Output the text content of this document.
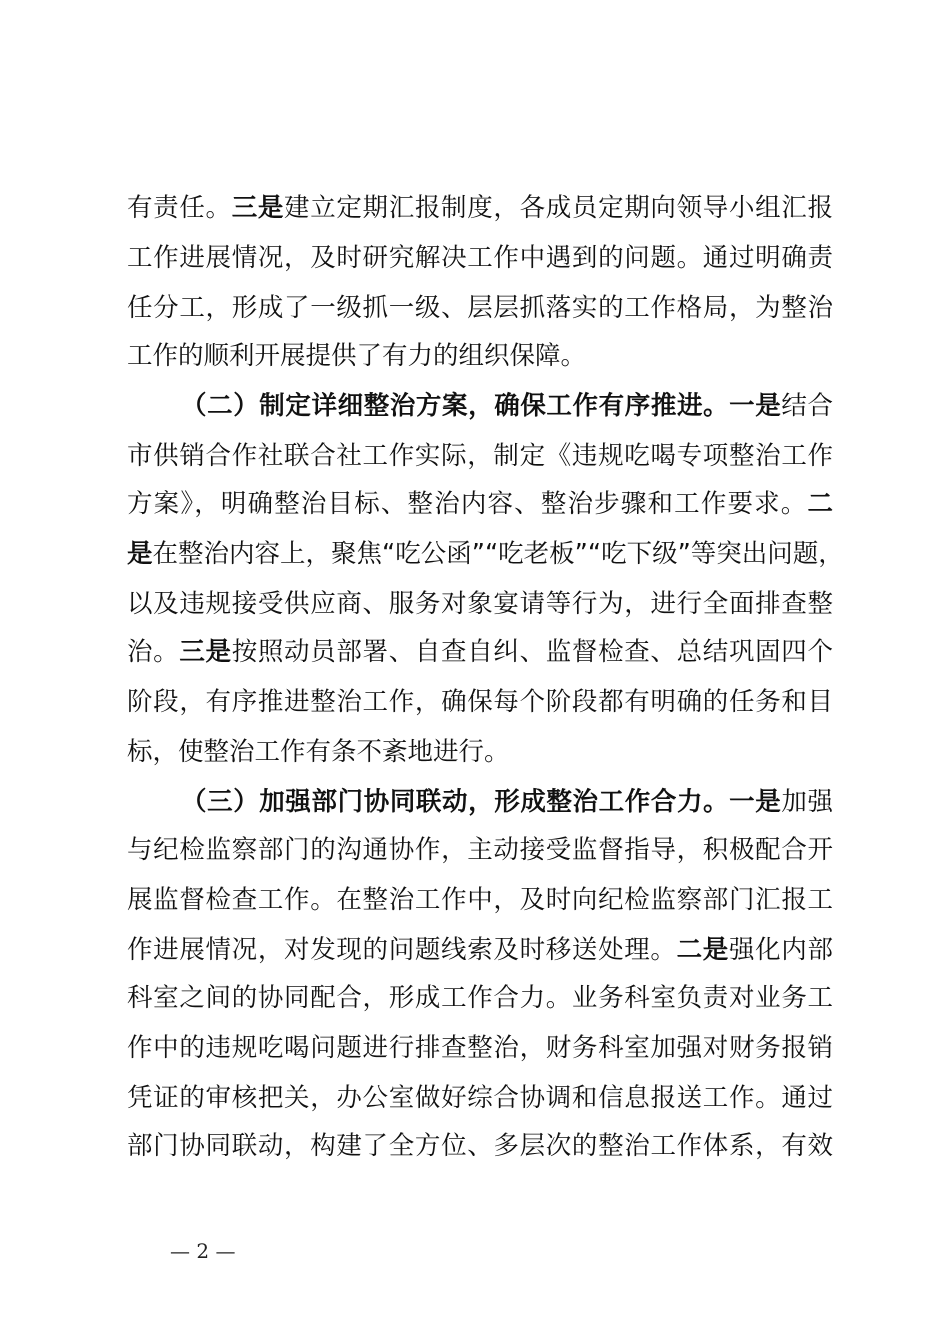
有责任。三是建立定期汇报制度，各成员定期向领导小组汇报
工作进展情况，及时研究解决工作中遇到的问题。通过明确责
任分工，形成了一级抓一级、层层抓落实的工作格局，为整治
工作的顺利开展提供了有力的组织保障。
（二）制定详细整治方案，确保工作有序推进。一是结合
市供销合作社联合社工作实际，制定《违规吃喝专项整治工作
方案》，明确整治目标、整治内容、整治步骤和工作要求。二
是在整治内容上，聚焦“吃公函”“吃老板”“吃下级”等突出问题，
以及违规接受供应商、服务对象宴请等行为，进行全面排查整
治。三是按照动员部署、自查自纠、监督检查、总结巩固四个
阶段，有序推进整治工作，确保每个阶段都有明确的任务和目
标，使整治工作有条不紊地进行。
（三）加强部门协同联动，形成整治工作合力。一是加强
与纪检监察部门的沟通协作，主动接受监督指导，积极配合开
展监督检查工作。在整治工作中，及时向纪检监察部门汇报工
作进展情况，对发现的问题线索及时移送处理。二是强化内部
科室之间的协同配合，形成工作合力。业务科室负责对业务工
作中的违规吃喝问题进行排查整治，财务科室加强对财务报销
凭证的审核把关，办公室做好综合协调和信息报送工作。通过
部门协同联动，构建了全方位、多层次的整治工作体系，有效
— 2 —
